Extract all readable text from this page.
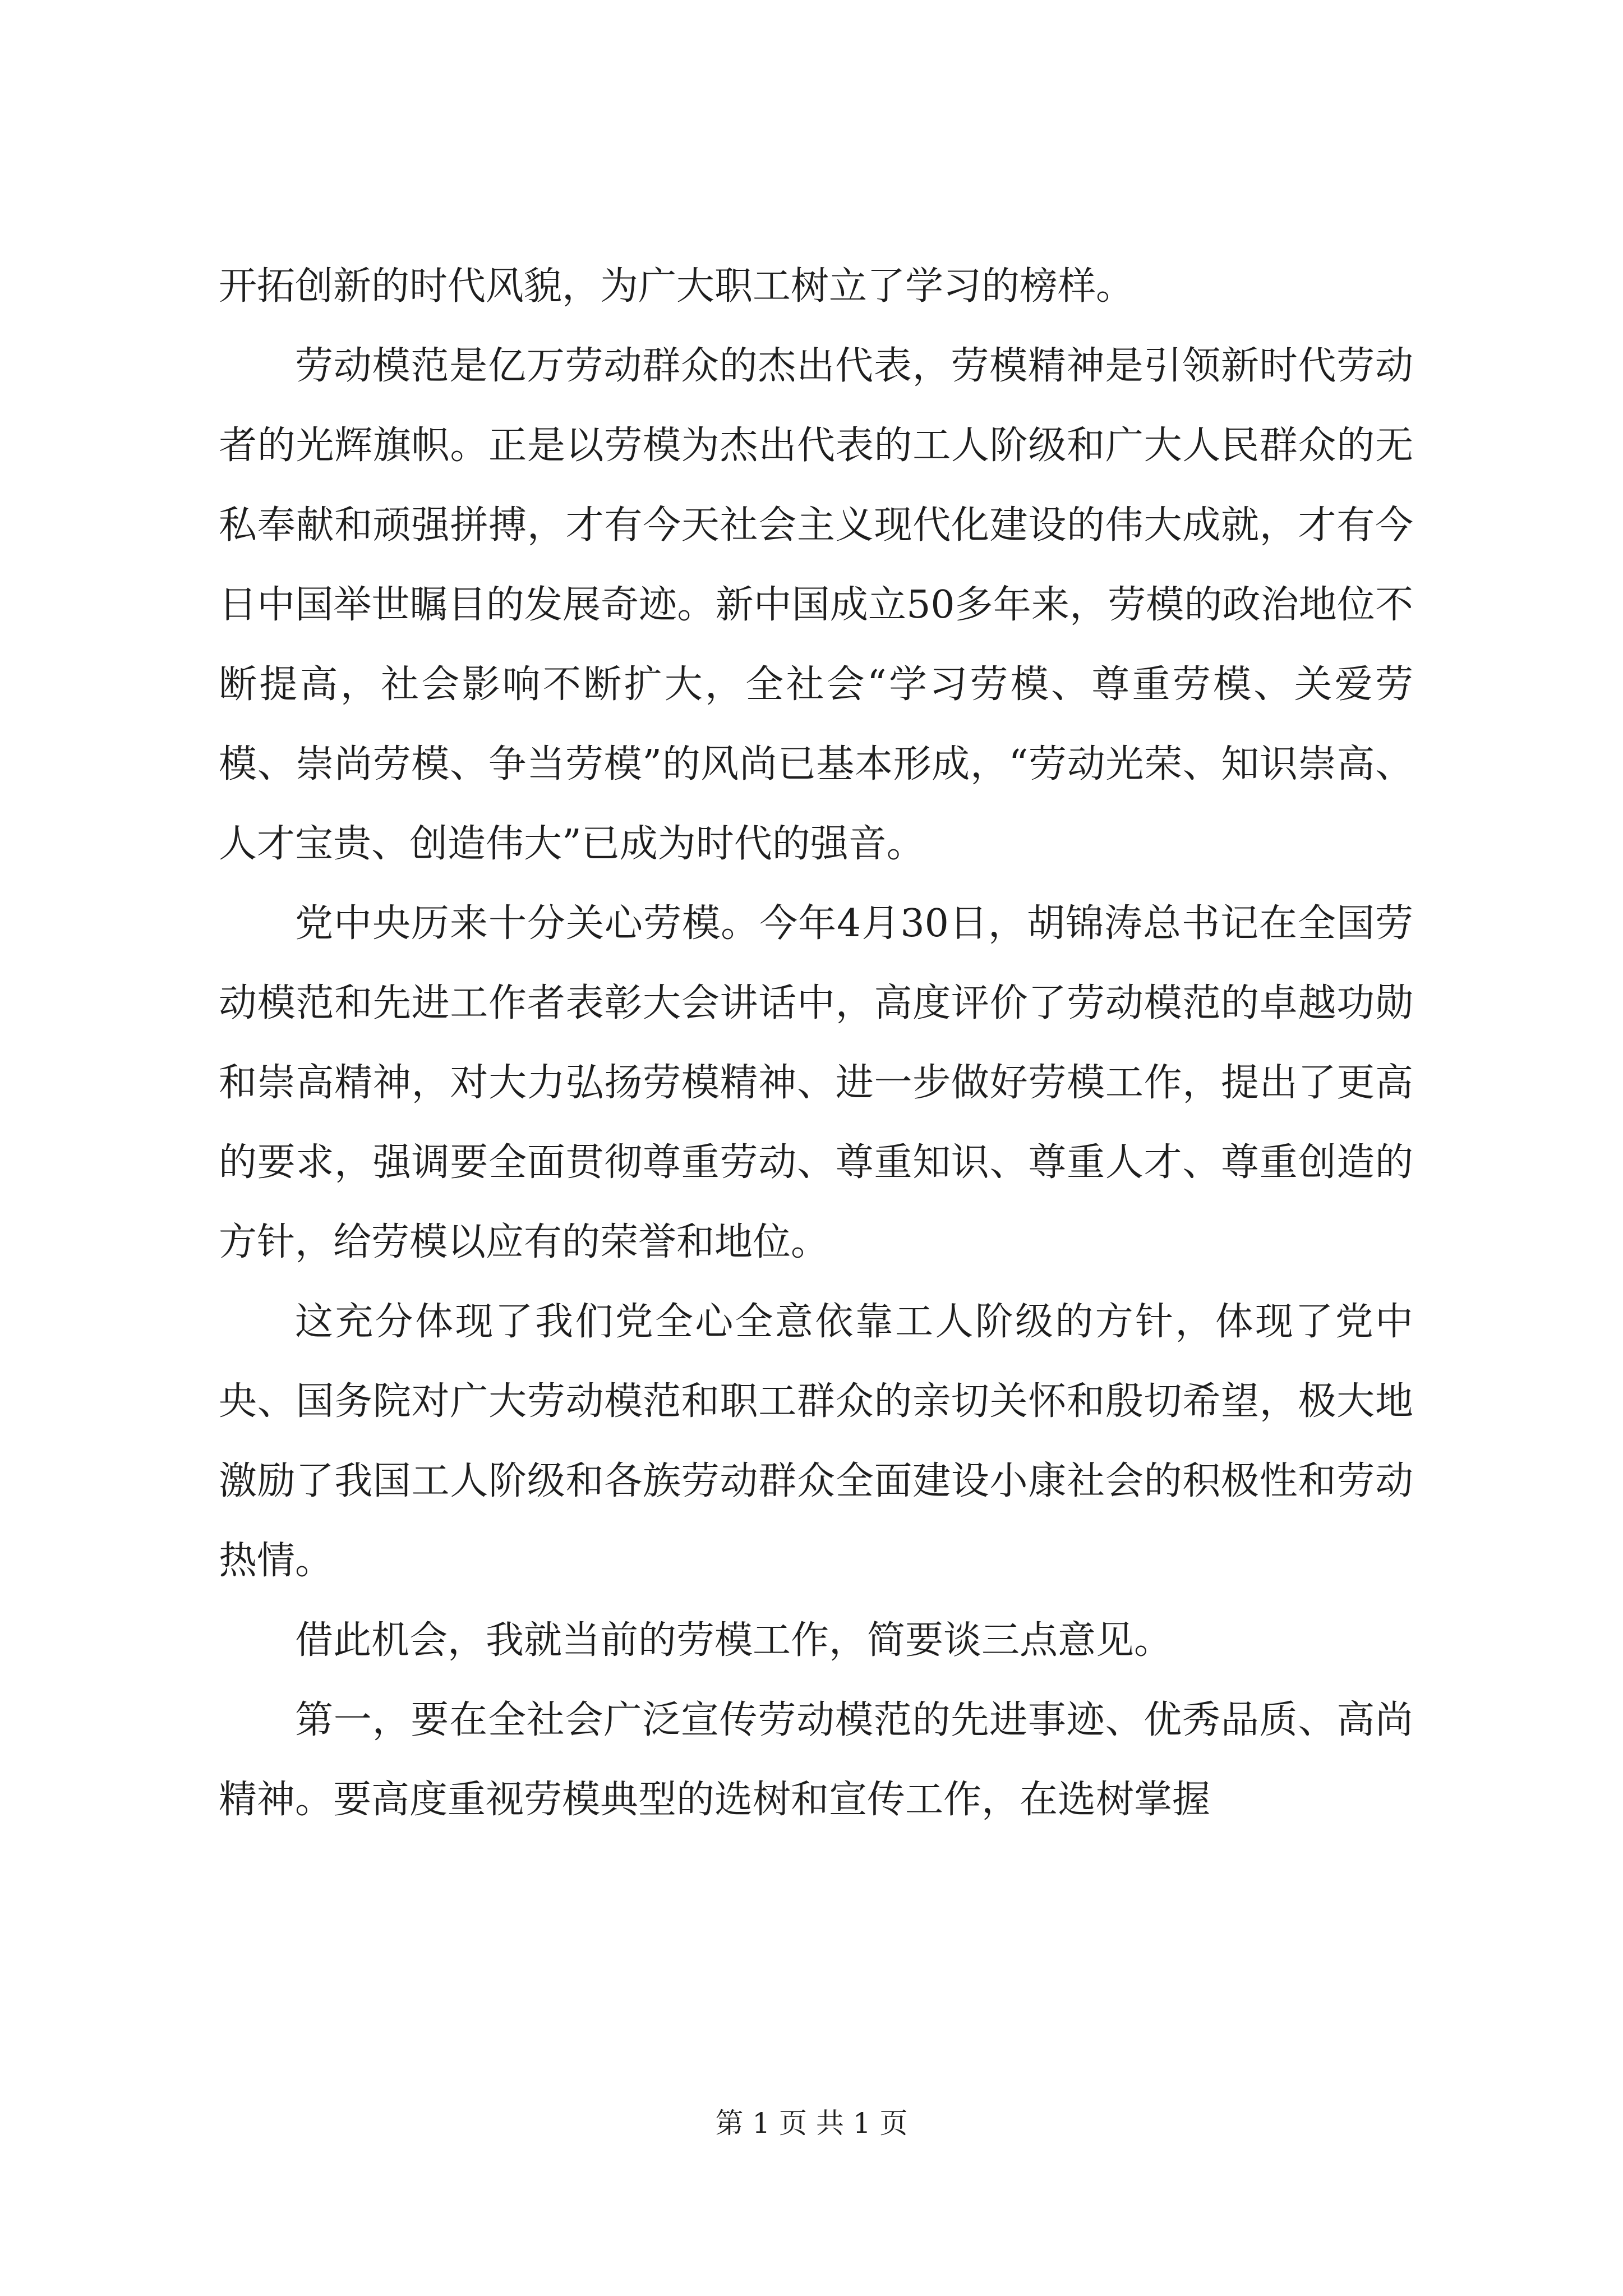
开拓创新的时代风貌，为广大职工树立了学习的榜样。

劳动模范是亿万劳动群众的杰出代表，劳模精神是引领新时代劳动者的光辉旗帜。正是以劳模为杰出代表的工人阶级和广大人民群众的无私奉献和顽强拼搏，才有今天社会主义现代化建设的伟大成就，才有今日中国举世瞩目的发展奇迹。新中国成立50多年来，劳模的政治地位不断提高，社会影响不断扩大，全社会“学习劳模、尊重劳模、关爱劳模、崇尚劳模、争当劳模”的风尚已基本形成，“劳动光荣、知识崇高、人才宝贵、创造伟大”已成为时代的强音。

党中央历来十分关心劳模。今年4月30日，胡锦涛总书记在全国劳动模范和先进工作者表彰大会讲话中，高度评价了劳动模范的卓越功勋和崇高精神，对大力弘扬劳模精神、进一步做好劳模工作，提出了更高的要求，强调要全面贯彻尊重劳动、尊重知识、尊重人才、尊重创造的方针，给劳模以应有的荣誉和地位。

这充分体现了我们党全心全意依靠工人阶级的方针，体现了党中央、国务院对广大劳动模范和职工群众的亲切关怀和殷切希望，极大地激励了我国工人阶级和各族劳动群众全面建设小康社会的积极性和劳动热情。

借此机会，我就当前的劳模工作，简要谈三点意见。

第一，要在全社会广泛宣传劳动模范的先进事迹、优秀品质、高尚精神。要高度重视劳模典型的选树和宣传工作，在选树掌握

第 1 页 共 1 页
